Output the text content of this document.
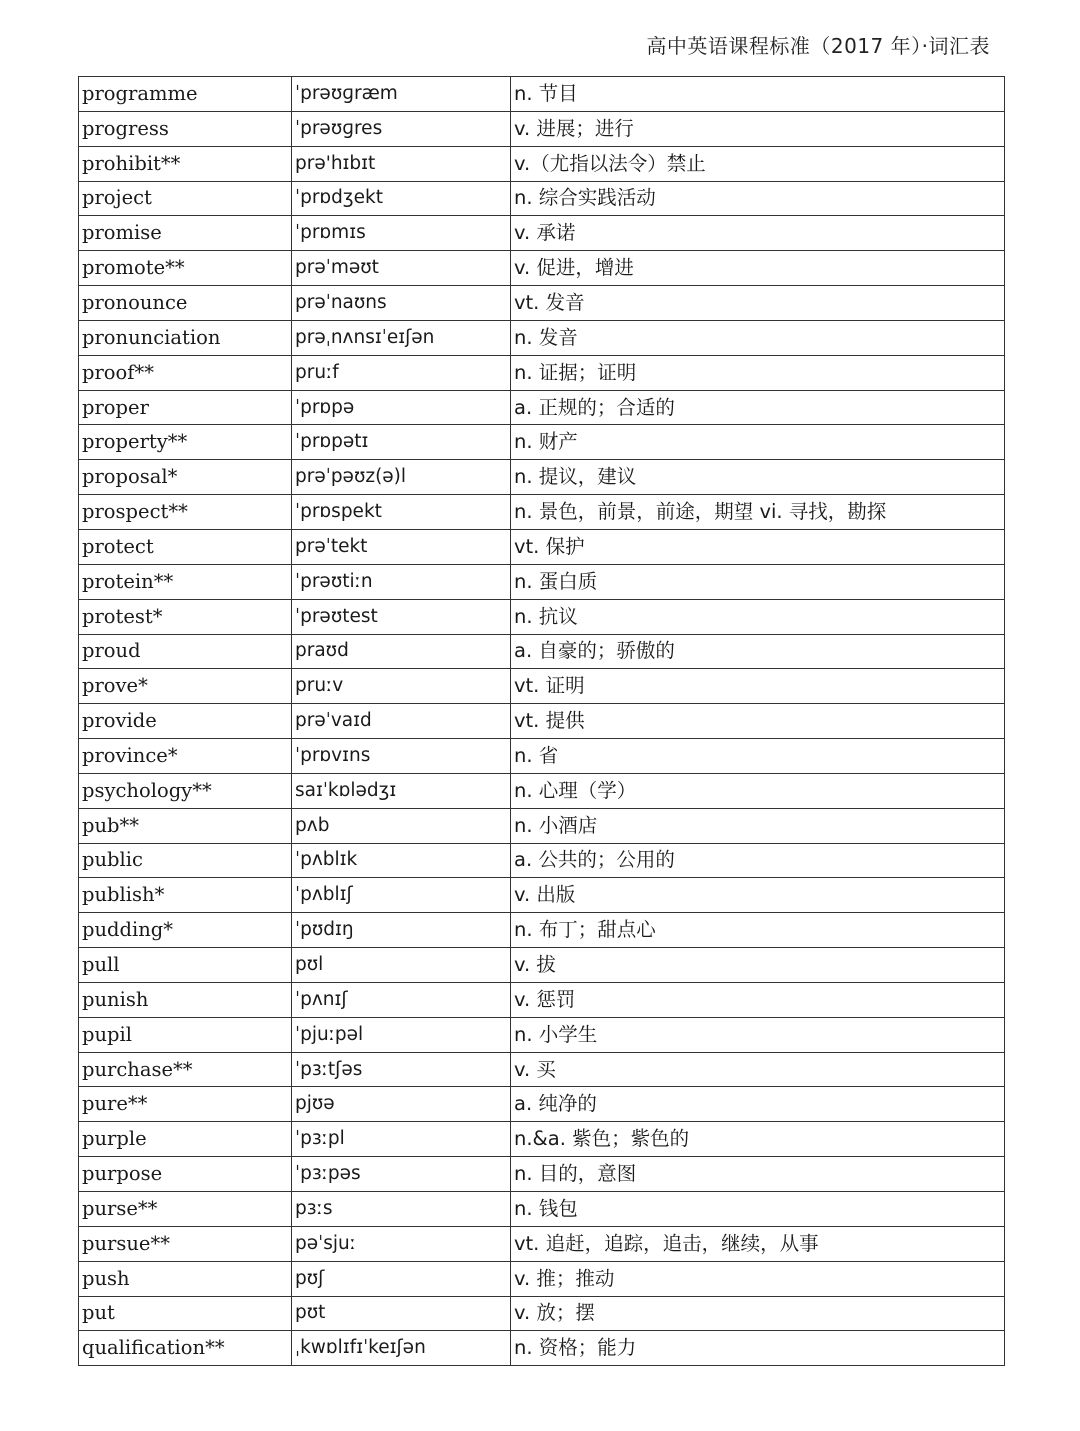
高中英语课程标准（2017 年）·词汇表
programme	ˈprəʊɡræm	n. 节目
progress	ˈprəʊɡres	v. 进展；进行
prohibit**	prə'hɪbɪt	v.（尤指以法令）禁止
project	ˈprɒdʒekt	n. 综合实践活动
promise	ˈprɒmɪs	v. 承诺
promote**	prəˈməʊt	v. 促进，增进
pronounce	prəˈnaʊns	vt. 发音
pronunciation	prəˌnʌnsɪˈeɪʃən	n. 发音
proof**	pruːf	n. 证据；证明
proper	ˈprɒpə	a. 正规的；合适的
property**	ˈprɒpətɪ	n. 财产
proposal*	prəˈpəʊz(ə)l	n. 提议，建议
prospect**	ˈprɒspekt	n. 景色，前景，前途，期望 vi. 寻找，勘探
protect	prəˈtekt	vt. 保护
protein**	ˈprəʊtiːn	n. 蛋白质
protest*	ˈprəʊtest	n. 抗议
proud	praʊd	a. 自豪的；骄傲的
prove*	pruːv	vt. 证明
provide	prəˈvaɪd	vt. 提供
province*	ˈprɒvɪns	n. 省
psychology**	saɪˈkɒlədʒɪ	n. 心理（学）
pub**	pʌb	n. 小酒店
public	ˈpʌblɪk	a. 公共的；公用的
publish*	ˈpʌblɪʃ	v. 出版
pudding*	ˈpʊdɪŋ	n. 布丁；甜点心
pull	pʊl	v. 拔
punish	ˈpʌnɪʃ	v. 惩罚
pupil	ˈpjuːpəl	n. 小学生
purchase**	ˈpɜːtʃəs	v. 买
pure**	pjʊə	a. 纯净的
purple	ˈpɜːpl	n.&a. 紫色；紫色的
purpose	ˈpɜːpəs	n. 目的，意图
purse**	pɜːs	n. 钱包
pursue**	pəˈsjuː	vt. 追赶，追踪，追击，继续，从事
push	pʊʃ	v. 推；推动
put	pʊt	v. 放；摆
qualification**	ˌkwɒlɪfɪˈkeɪʃən	n. 资格；能力
